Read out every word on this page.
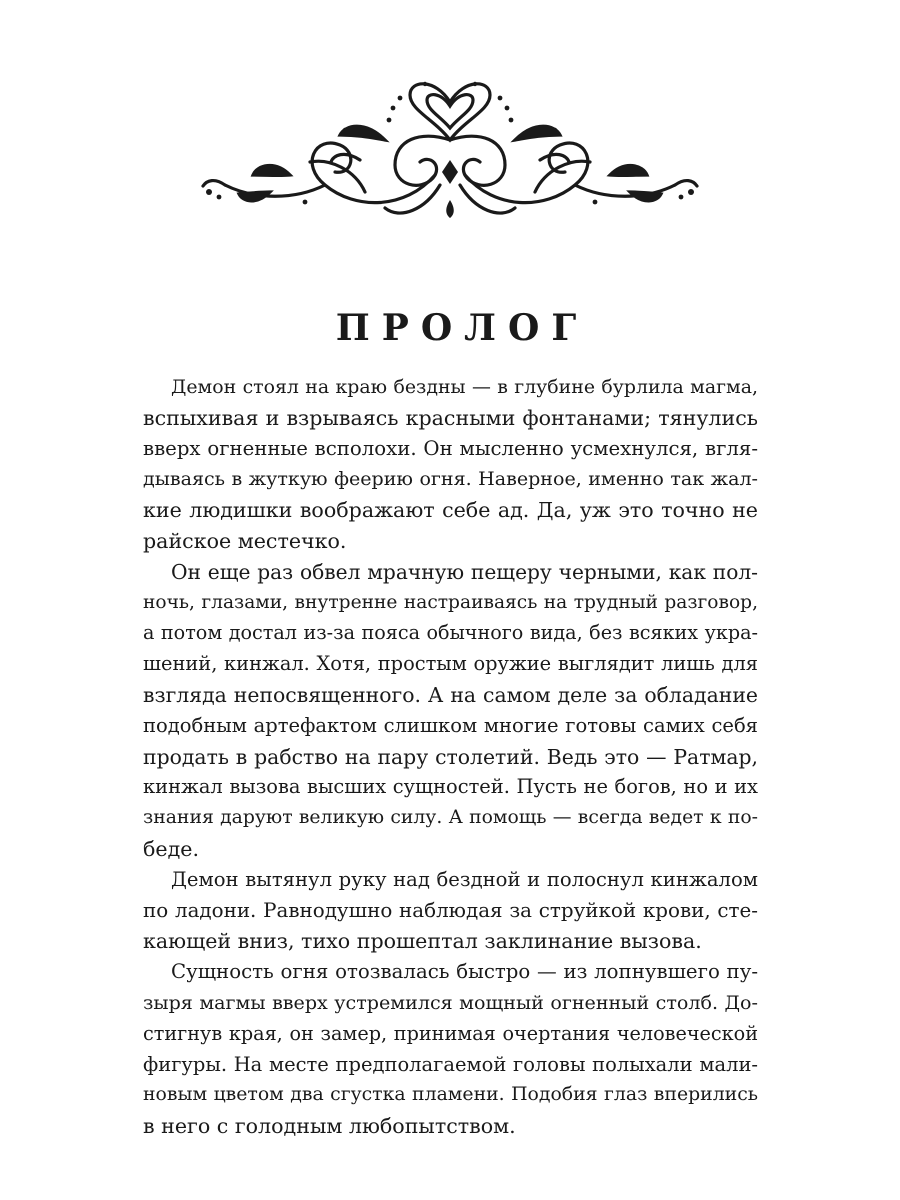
ПРОЛОГ

Демон стоял на краю бездны — в глубине бурлила магма,
вспыхивая и взрываясь красными фонтанами; тянулись
вверх огненные всполохи. Он мысленно усмехнулся, вгля-
дываясь в жуткую феерию огня. Наверное, именно так жал-
кие людишки воображают себе ад. Да, уж это точно не
райское местечко.

Он еще раз обвел мрачную пещеру черными, как пол-
ночь, глазами, внутренне настраиваясь на трудный разговор,
а потом достал из-за пояса обычного вида, без всяких укра-
шений, кинжал. Хотя, простым оружие выглядит лишь для
взгляда непосвященного. А на самом деле за обладание
подобным артефактом слишком многие готовы самих себя
продать в рабство на пару столетий. Ведь это — Ратмар,
кинжал вызова высших сущностей. Пусть не богов, но и их
знания даруют великую силу. А помощь — всегда ведет к по-
беде.

Демон вытянул руку над бездной и полоснул кинжалом
по ладони. Равнодушно наблюдая за струйкой крови, сте-
кающей вниз, тихо прошептал заклинание вызова.

Сущность огня отозвалась быстро — из лопнувшего пу-
зыря магмы вверх устремился мощный огненный столб. До-
стигнув края, он замер, принимая очертания человеческой
фигуры. На месте предполагаемой головы полыхали мали-
новым цветом два сгустка пламени. Подобия глаз вперились
в него с голодным любопытством.
